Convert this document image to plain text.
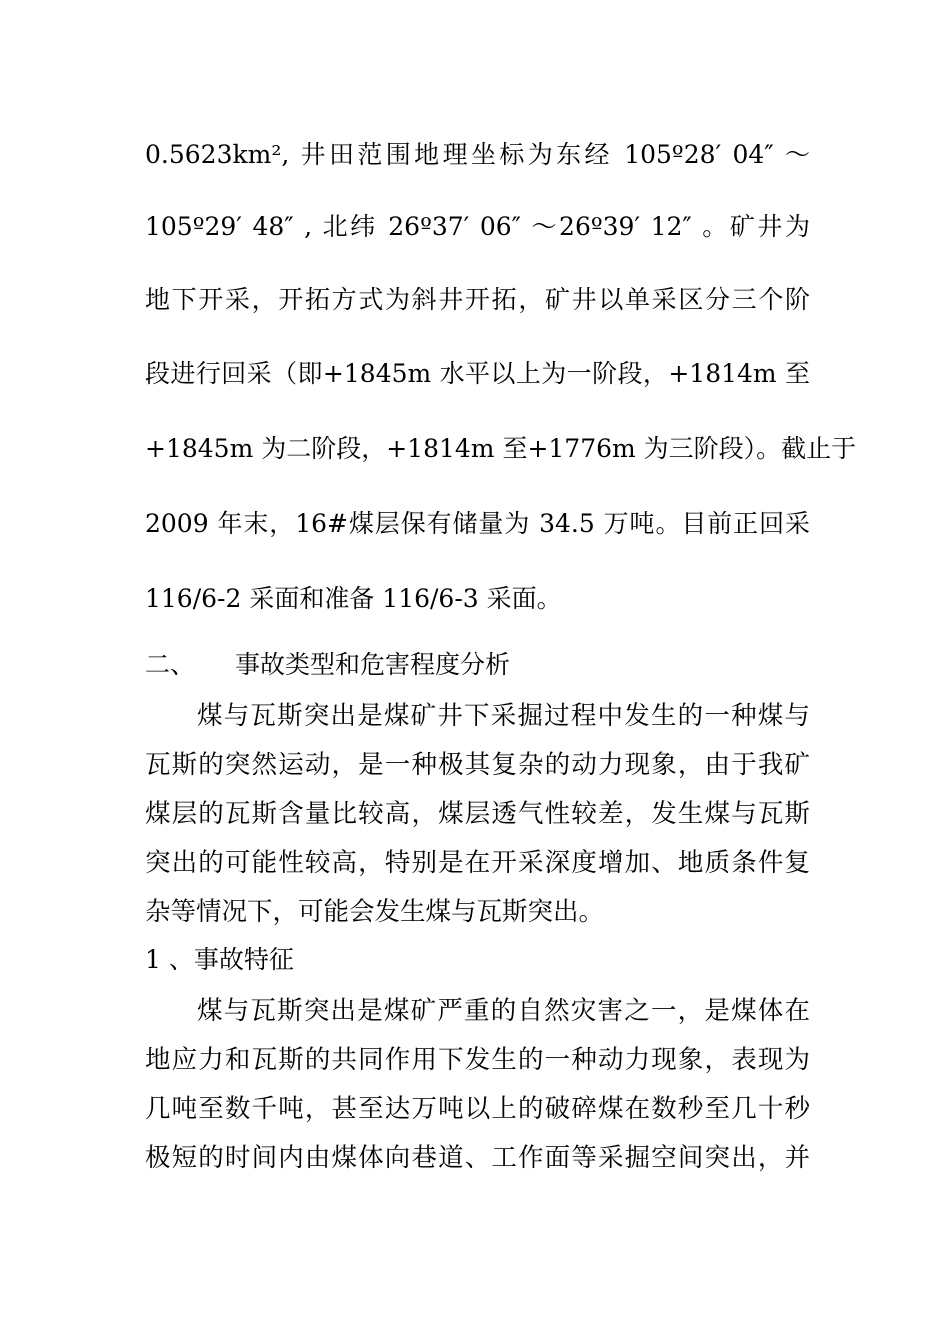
0.5623km², 井田范围地理坐标为东经 105º28′ 04″ ～
105º29′ 48″ , 北纬 26º37′ 06″ ～26º39′ 12″ 。矿井为
地下开采，开拓方式为斜井开拓，矿井以单采区分三个阶
段进行回采（即+1845m 水平以上为一阶段，+1814m 至
+1845m 为二阶段，+1814m 至+1776m 为三阶段）。截止于
2009 年末，16#煤层保有储量为 34.5 万吨。目前正回采
116/6-2 采面和准备 116/6-3 采面。
二、 事故类型和危害程度分析
煤与瓦斯突出是煤矿井下采掘过程中发生的一种煤与
瓦斯的突然运动，是一种极其复杂的动力现象，由于我矿
煤层的瓦斯含量比较高，煤层透气性较差，发生煤与瓦斯
突出的可能性较高，特别是在开采深度增加、地质条件复
杂等情况下，可能会发生煤与瓦斯突出。
1 、事故特征
煤与瓦斯突出是煤矿严重的自然灾害之一，是煤体在
地应力和瓦斯的共同作用下发生的一种动力现象，表现为
几吨至数千吨，甚至达万吨以上的破碎煤在数秒至几十秒
极短的时间内由煤体向巷道、工作面等采掘空间突出，并
